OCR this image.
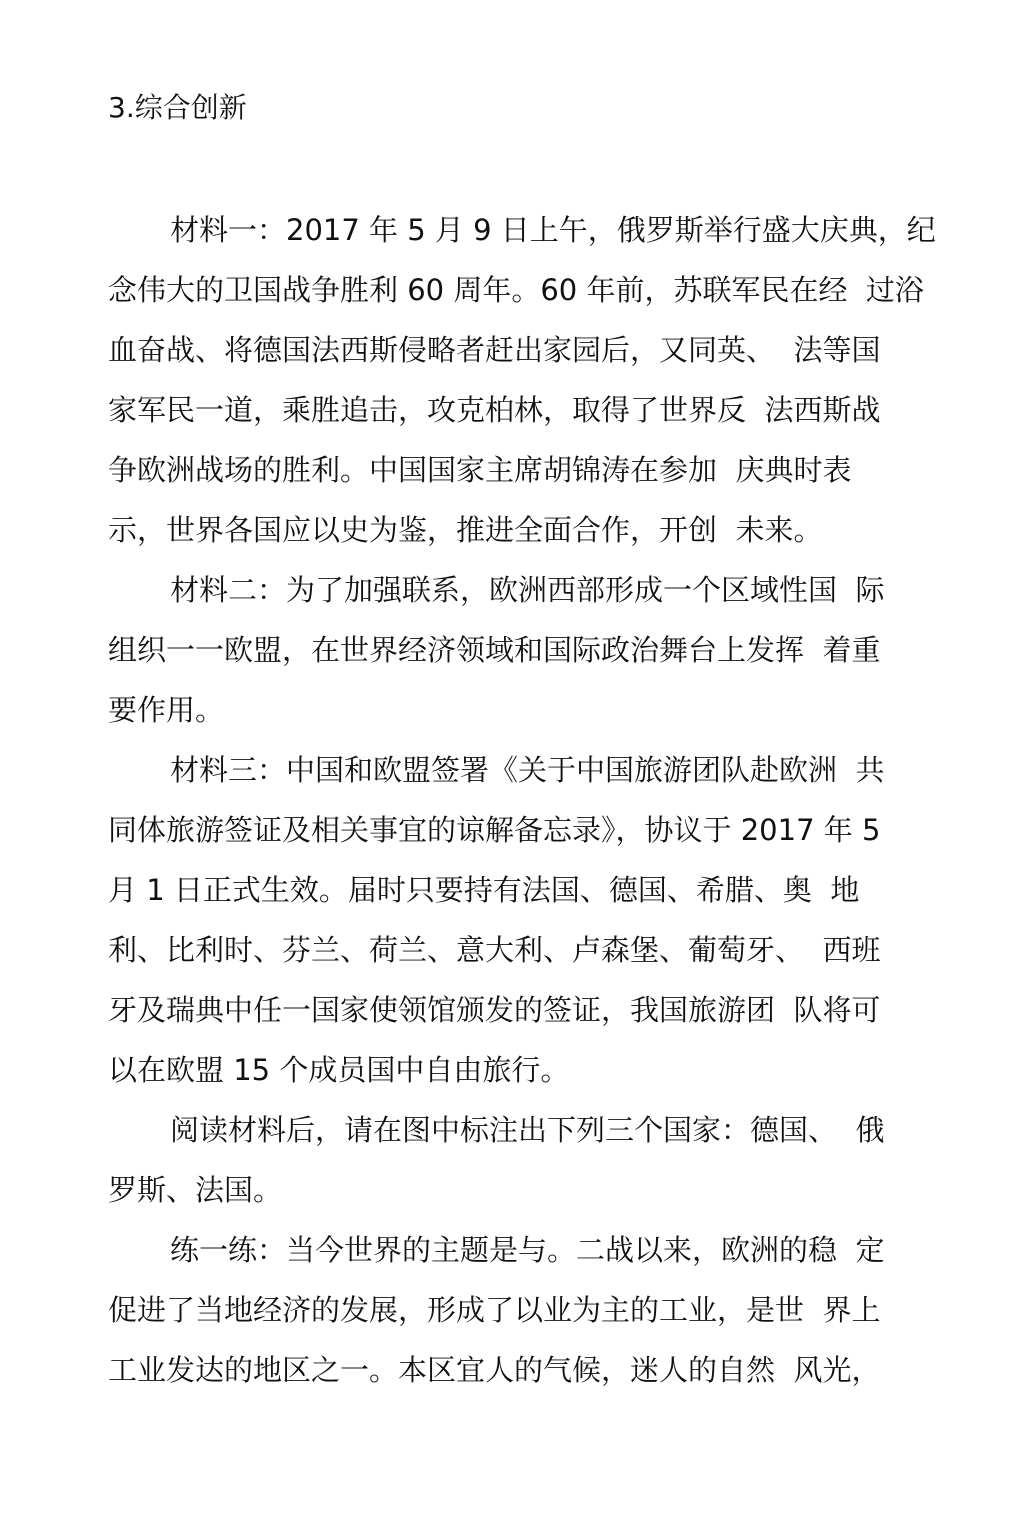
3.综合创新
材料一：2017 年 5 月 9 日上午，俄罗斯举行盛大庆典，纪
念伟大的卫国战争胜利 60 周年。60 年前，苏联军民在经  过浴
血奋战、将德国法西斯侵略者赶出家园后，又同英、  法等国
家军民一道，乘胜追击，攻克柏林，取得了世界反  法西斯战
争欧洲战场的胜利。中国国家主席胡锦涛在参加  庆典时表
示，世界各国应以史为鉴，推进全面合作，开创  未来。
材料二：为了加强联系，欧洲西部形成一个区域性国  际
组织一一欧盟，在世界经济领域和国际政治舞台上发挥  着重
要作用。
材料三：中国和欧盟签署《关于中国旅游团队赴欧洲  共
同体旅游签证及相关事宜的谅解备忘录》，协议于 2017 年 5
月 1 日正式生效。届时只要持有法国、德国、希腊、奥  地
利、比利时、芬兰、荷兰、意大利、卢森堡、葡萄牙、  西班
牙及瑞典中任一国家使领馆颁发的签证，我国旅游团  队将可
以在欧盟 15 个成员国中自由旅行。
阅读材料后，请在图中标注出下列三个国家：德国、  俄
罗斯、法国。
练一练：当今世界的主题是与。二战以来，欧洲的稳  定
促进了当地经济的发展，形成了以业为主的工业，是世  界上
工业发达的地区之一。本区宜人的气候，迷人的自然  风光，
